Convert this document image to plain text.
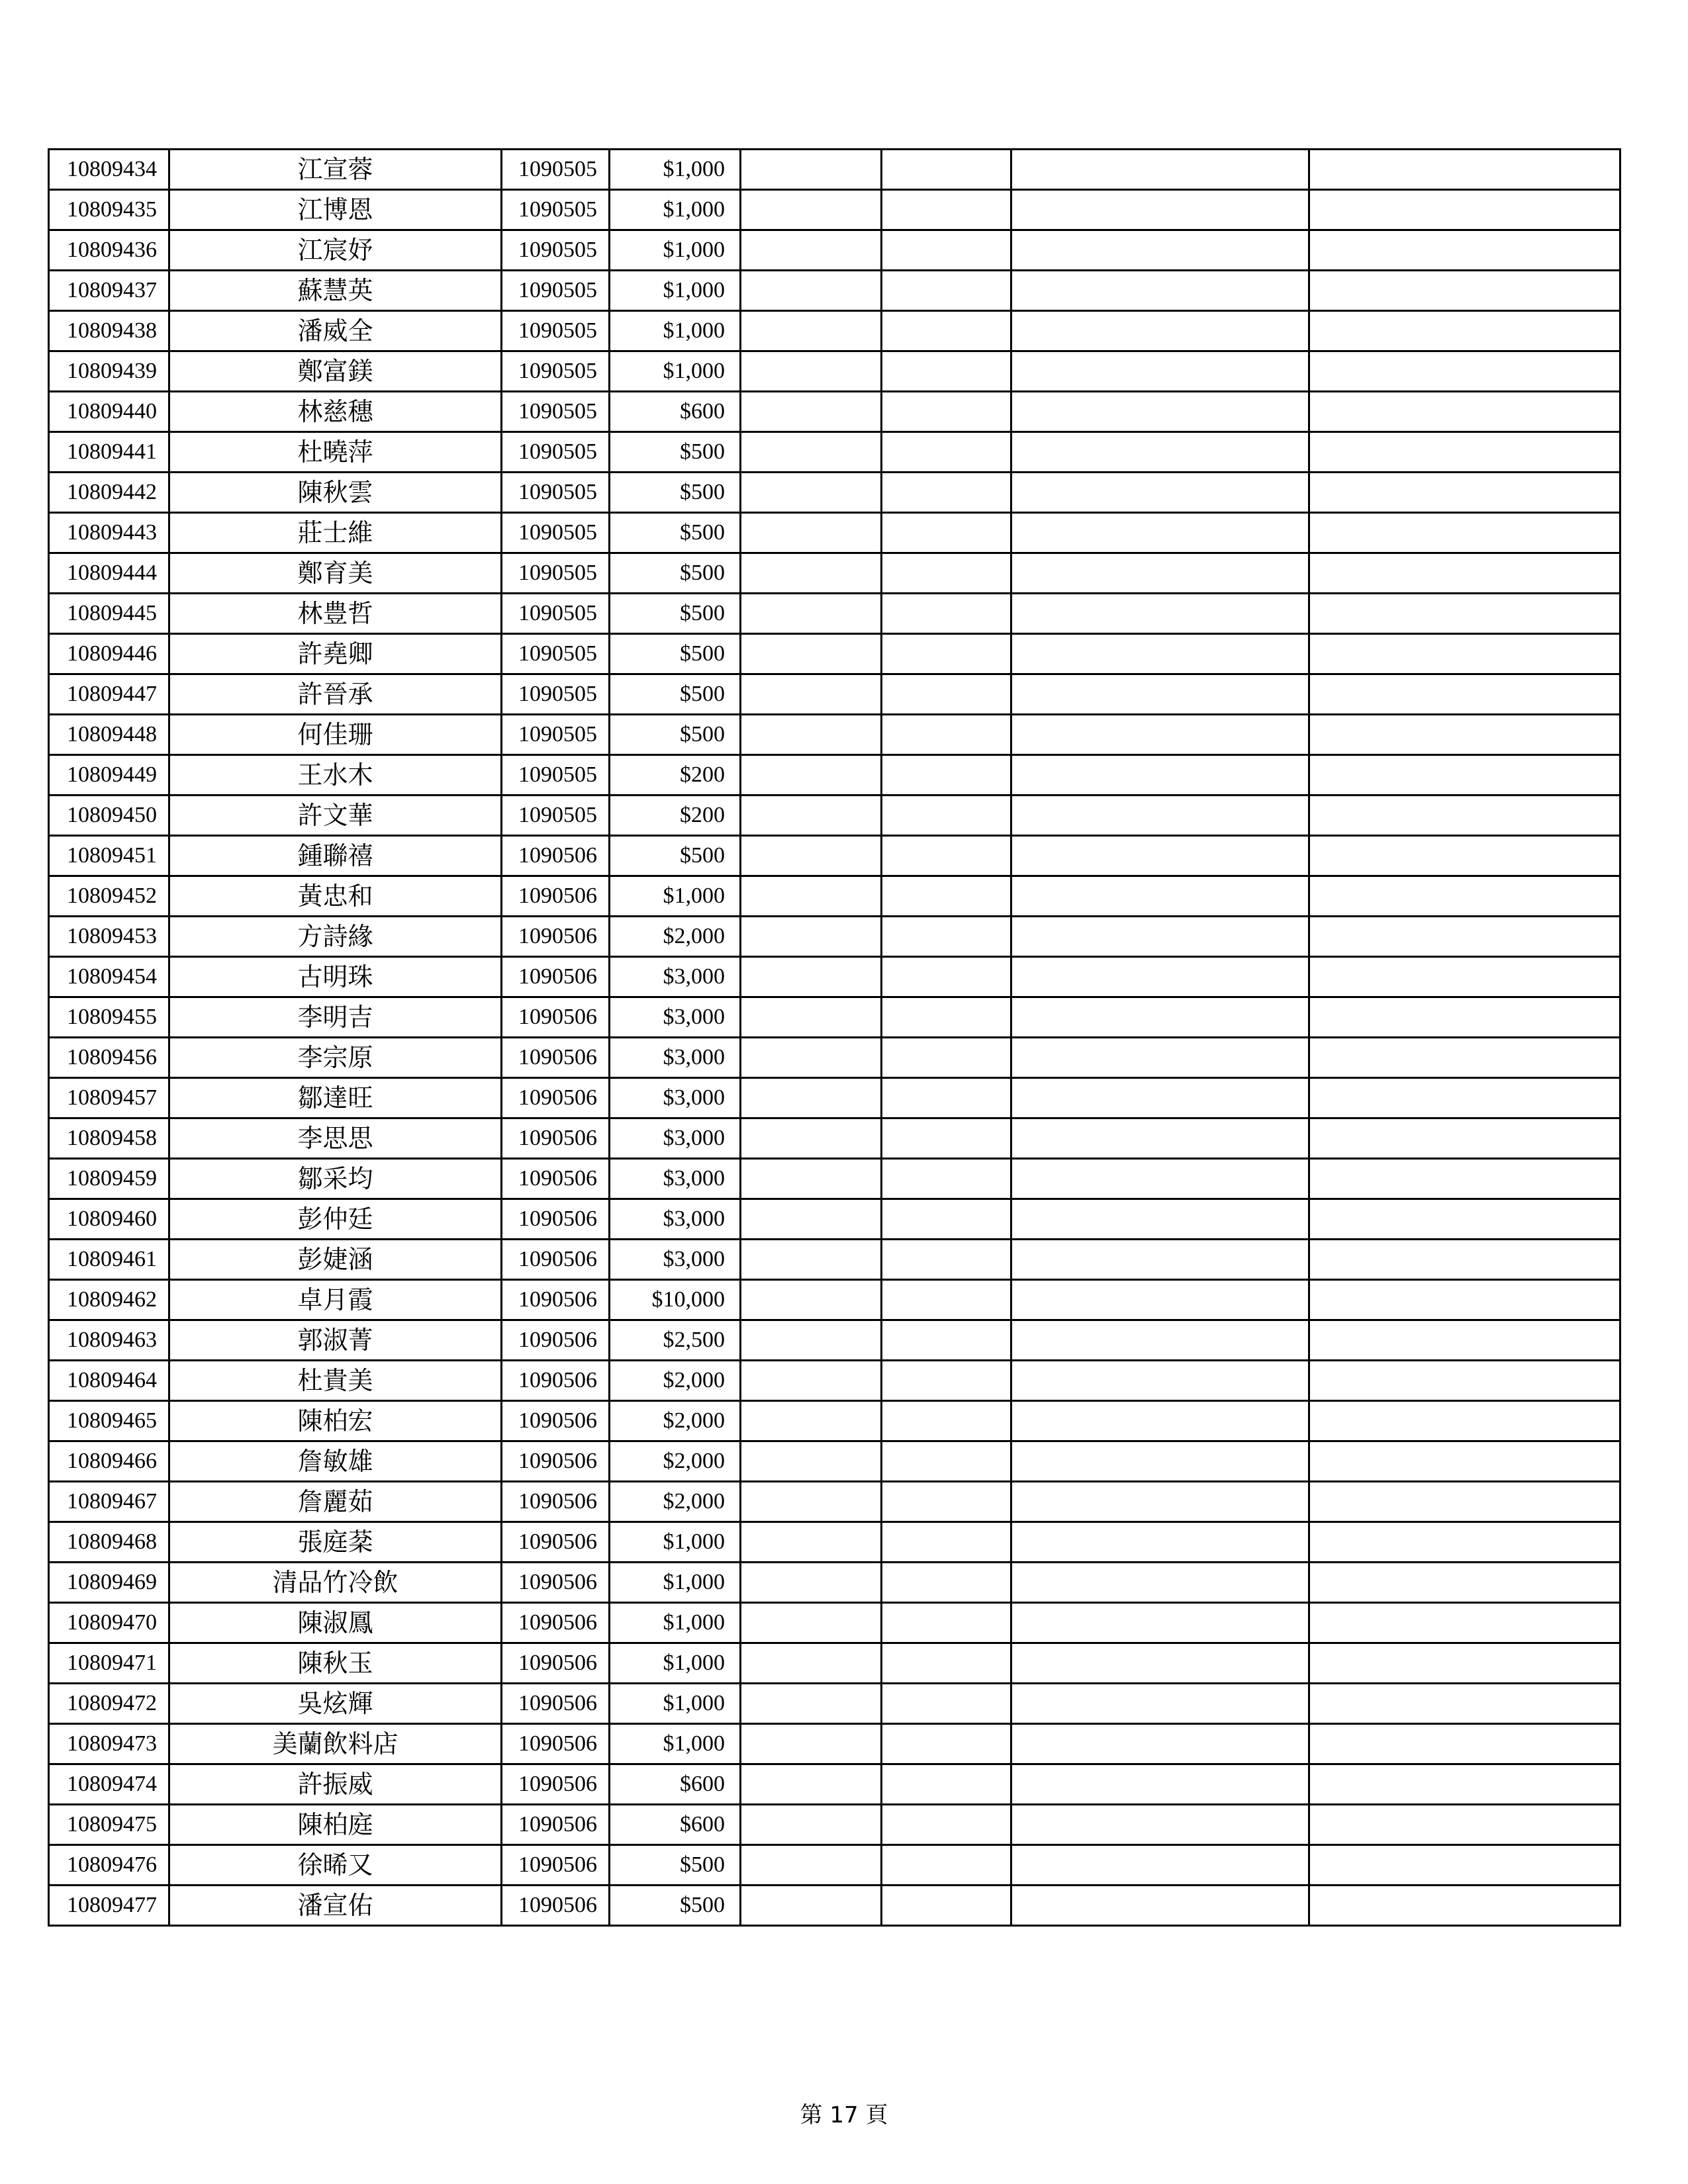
10809434	江宣蓉	1090505	$1,000				
10809435	江博恩	1090505	$1,000				
10809436	江宸妤	1090505	$1,000				
10809437	蘇慧英	1090505	$1,000				
10809438	潘威全	1090505	$1,000				
10809439	鄭富鎂	1090505	$1,000				
10809440	林慈穗	1090505	$600				
10809441	杜曉萍	1090505	$500				
10809442	陳秋雲	1090505	$500				
10809443	莊士維	1090505	$500				
10809444	鄭育美	1090505	$500				
10809445	林豊哲	1090505	$500				
10809446	許堯卿	1090505	$500				
10809447	許晉承	1090505	$500				
10809448	何佳珊	1090505	$500				
10809449	王水木	1090505	$200				
10809450	許文華	1090505	$200				
10809451	鍾聯禧	1090506	$500				
10809452	黃忠和	1090506	$1,000				
10809453	方詩緣	1090506	$2,000				
10809454	古明珠	1090506	$3,000				
10809455	李明吉	1090506	$3,000				
10809456	李宗原	1090506	$3,000				
10809457	鄒達旺	1090506	$3,000				
10809458	李思思	1090506	$3,000				
10809459	鄒采均	1090506	$3,000				
10809460	彭仲廷	1090506	$3,000				
10809461	彭婕涵	1090506	$3,000				
10809462	卓月霞	1090506	$10,000				
10809463	郭淑菁	1090506	$2,500				
10809464	杜貴美	1090506	$2,000				
10809465	陳柏宏	1090506	$2,000				
10809466	詹敏雄	1090506	$2,000				
10809467	詹麗茹	1090506	$2,000				
10809468	張庭棻	1090506	$1,000				
10809469	清品竹冷飲	1090506	$1,000				
10809470	陳淑鳳	1090506	$1,000				
10809471	陳秋玉	1090506	$1,000				
10809472	吳炫輝	1090506	$1,000				
10809473	美蘭飲料店	1090506	$1,000				
10809474	許振威	1090506	$600				
10809475	陳柏庭	1090506	$600				
10809476	徐晞又	1090506	$500				
10809477	潘宣佑	1090506	$500				
第 17 頁
